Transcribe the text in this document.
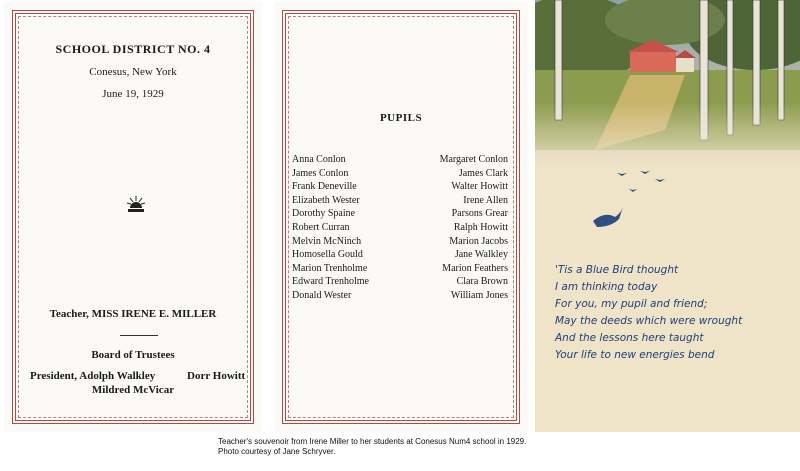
SCHOOL DISTRICT NO. 4
Conesus, New York
June 19, 1929
Teacher, MISS IRENE E. MILLER
Board of Trustees
President, Adolph Walkley	Dorr Howitt
Mildred McVicar
PUPILS
Anna Conlon
James Conlon
Frank Deneville
Elizabeth Wester
Dorothy Spaine
Robert Curran
Melvin McNinch
Homosella Gould
Marion Trenholme
Edward Trenholme
Donald Wester
Margaret Conlon
James Clark
Walter Howitt
Irene Allen
Parsons Grear
Ralph Howitt
Marion Jacobs
Jane Walkley
Marion Feathers
Clara Brown
William Jones
'Tis a Blue Bird thought
I am thinking today
For you, my pupil and friend;
May the deeds which were wrought
And the lessons here taught
Your life to new energies bend
Teacher's souvenoir from Irene Miller to her students at Conesus Num4 school in 1929.
Photo courtesy of Jane Schryver.
